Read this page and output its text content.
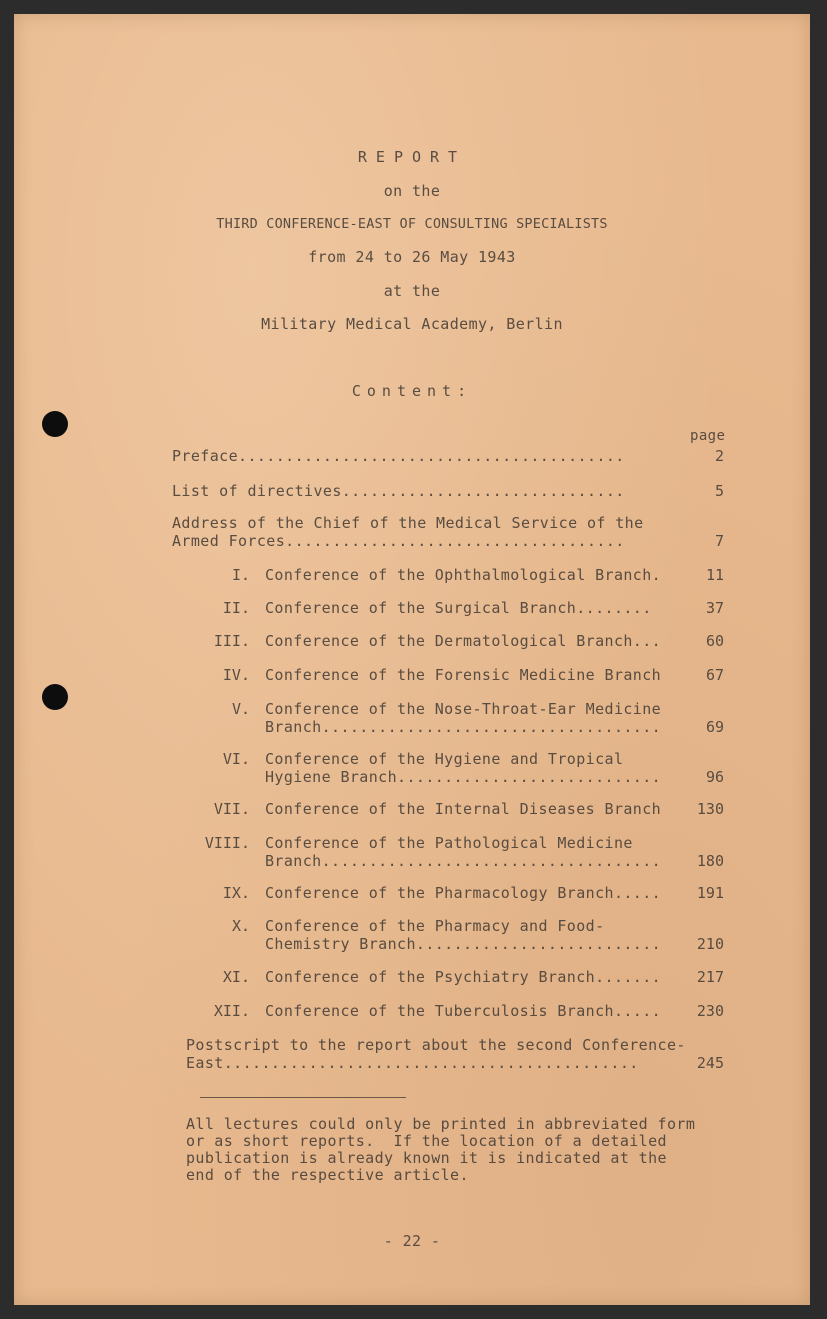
REPORT
on the
THIRD CONFERENCE-EAST OF CONSULTING SPECIALISTS
from 24 to 26 May 1943
at the
Military Medical Academy, Berlin
Content:
page
Preface.........................................	2
List of directives..............................	5
Address of the Chief of the Medical Service of the
Armed Forces....................................	7
I. Conference of the Ophthalmological Branch.	11
II. Conference of the Surgical Branch........	37
III. Conference of the Dermatological Branch...	60
IV. Conference of the Forensic Medicine Branch	67
V. Conference of the Nose-Throat-Ear Medicine
Branch....................................	69
VI. Conference of the Hygiene and Tropical
Hygiene Branch............................	96
VII. Conference of the Internal Diseases Branch	130
VIII. Conference of the Pathological Medicine
Branch....................................	180
IX. Conference of the Pharmacology Branch.....	191
X. Conference of the Pharmacy and Food-
Chemistry Branch..........................	210
XI. Conference of the Psychiatry Branch.......	217
XII. Conference of the Tuberculosis Branch.....	230
Postscript to the report about the second Conference-
East............................................	245
All lectures could only be printed in abbreviated form
or as short reports.  If the location of a detailed
publication is already known it is indicated at the
end of the respective article.
- 22 -
